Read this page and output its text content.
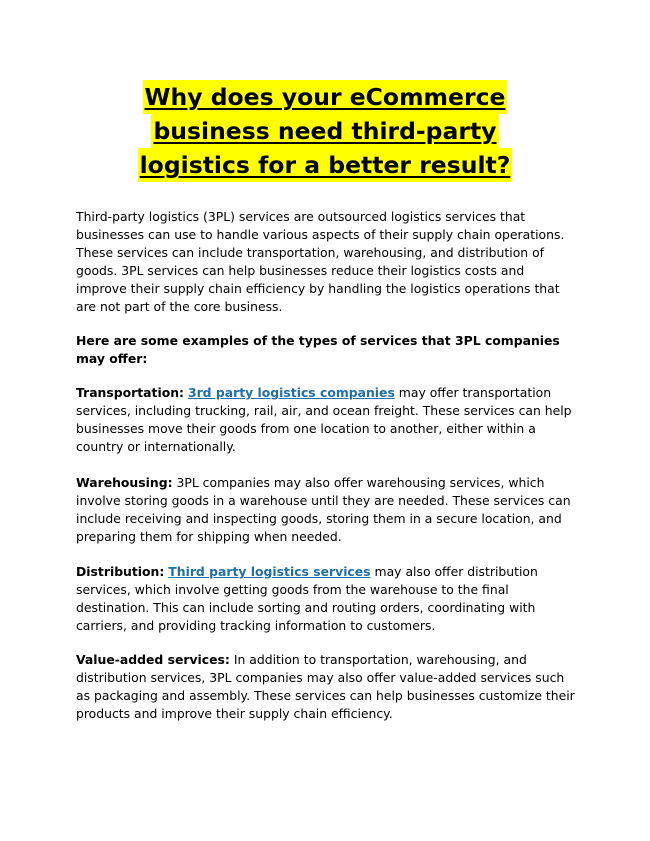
Why does your eCommerce
business need third-party
logistics for a better result?

Third-party logistics (3PL) services are outsourced logistics services that businesses can use to handle various aspects of their supply chain operations. These services can include transportation, warehousing, and distribution of goods. 3PL services can help businesses reduce their logistics costs and improve their supply chain efficiency by handling the logistics operations that are not part of the core business.

Here are some examples of the types of services that 3PL companies may offer:

Transportation: 3rd party logistics companies may offer transportation services, including trucking, rail, air, and ocean freight. These services can help businesses move their goods from one location to another, either within a country or internationally.

Warehousing: 3PL companies may also offer warehousing services, which involve storing goods in a warehouse until they are needed. These services can include receiving and inspecting goods, storing them in a secure location, and preparing them for shipping when needed.

Distribution: Third party logistics services may also offer distribution services, which involve getting goods from the warehouse to the final destination. This can include sorting and routing orders, coordinating with carriers, and providing tracking information to customers.

Value-added services: In addition to transportation, warehousing, and distribution services, 3PL companies may also offer value-added services such as packaging and assembly. These services can help businesses customize their products and improve their supply chain efficiency.
